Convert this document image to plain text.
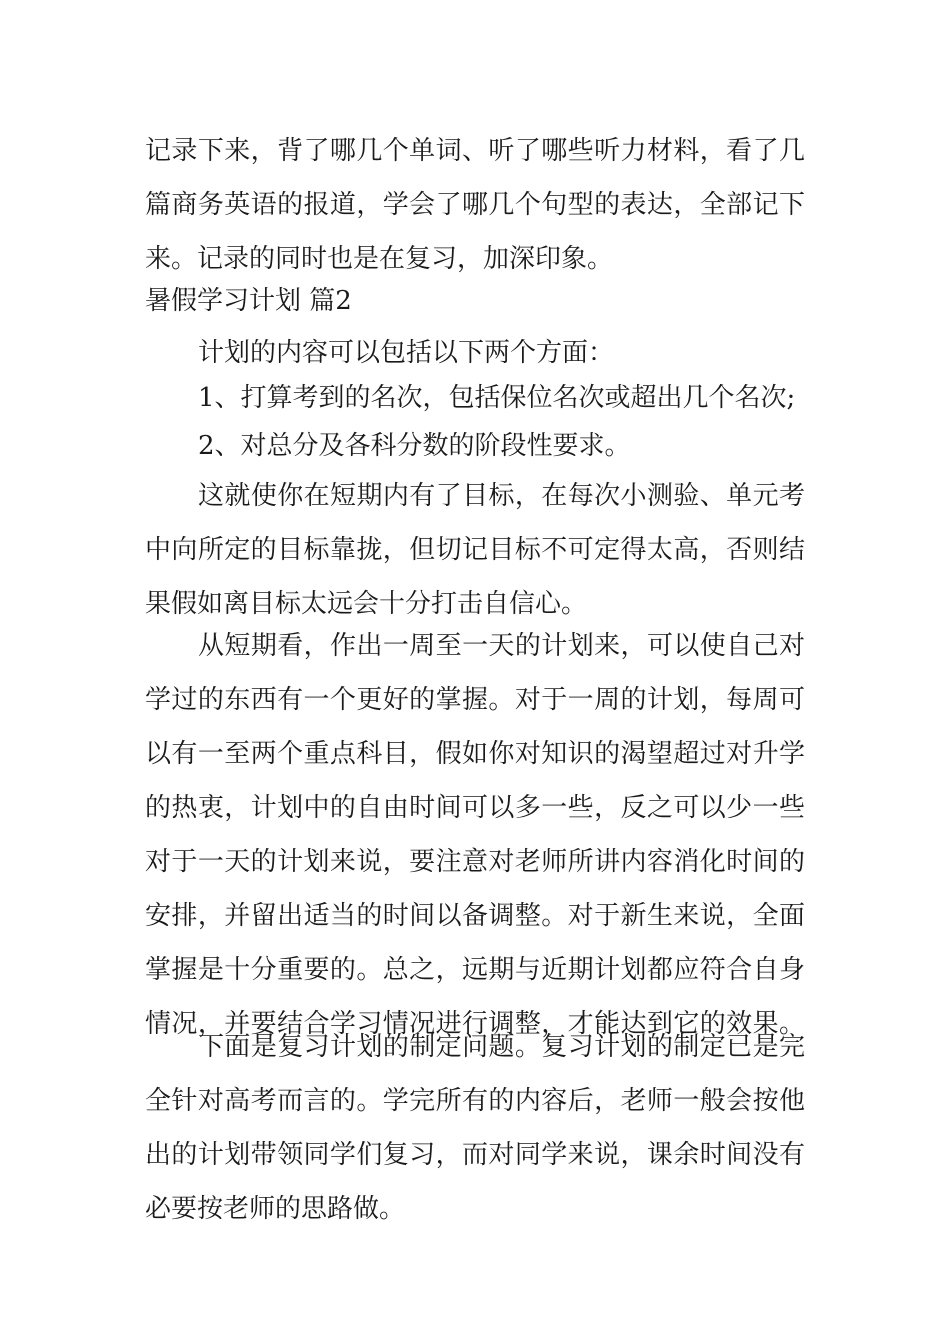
记录下来，背了哪几个单词、听了哪些听力材料，看了几
篇商务英语的报道，学会了哪几个句型的表达，全部记下
来。记录的同时也是在复习，加深印象。
暑假学习计划 篇2
计划的内容可以包括以下两个方面：
1、打算考到的名次，包括保位名次或超出几个名次;
2、对总分及各科分数的阶段性要求。
这就使你在短期内有了目标，在每次小测验、单元考
中向所定的目标靠拢，但切记目标不可定得太高，否则结
果假如离目标太远会十分打击自信心。
从短期看，作出一周至一天的计划来，可以使自己对
学过的东西有一个更好的掌握。对于一周的计划，每周可
以有一至两个重点科目，假如你对知识的渴望超过对升学
的热衷，计划中的自由时间可以多一些，反之可以少一些
对于一天的计划来说，要注意对老师所讲内容消化时间的
安排，并留出适当的时间以备调整。对于新生来说，全面
掌握是十分重要的。总之，远期与近期计划都应符合自身
情况，并要结合学习情况进行调整，才能达到它的效果。
下面是复习计划的制定问题。复习计划的制定已是完
全针对高考而言的。学完所有的内容后，老师一般会按他
出的计划带领同学们复习，而对同学来说，课余时间没有
必要按老师的思路做。
